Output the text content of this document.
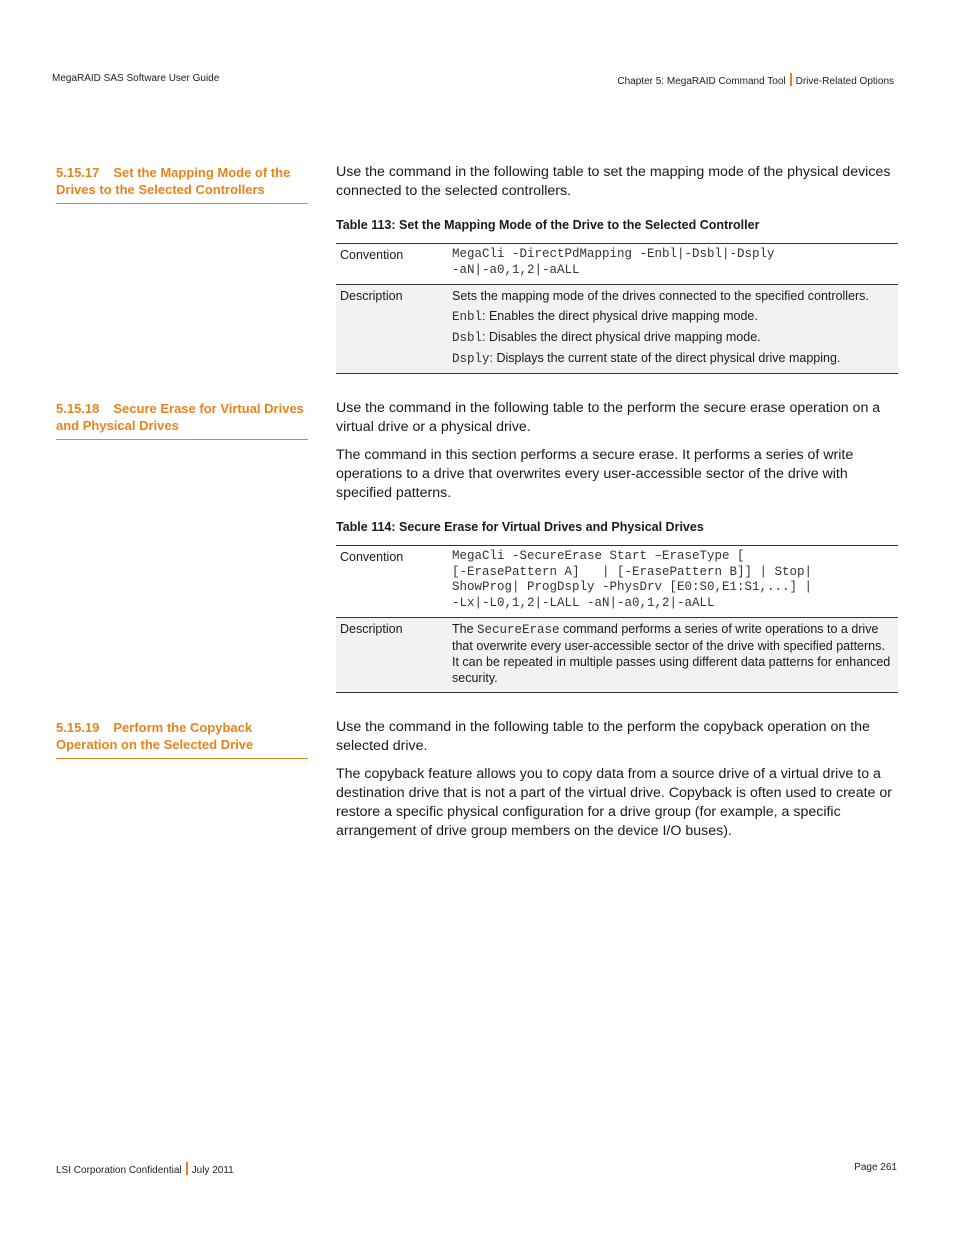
MegaRAID SAS Software User Guide	Chapter 5: MegaRAID Command Tool Drive-Related Options
5.15.17 Set the Mapping Mode of the Drives to the Selected Controllers

Use the command in the following table to set the mapping mode of the physical devices connected to the selected controllers.

Table 113: Set the Mapping Mode of the Drive to the Selected Controller
Convention	MegaCli -DirectPdMapping -Enbl|-Dsbl|-Dsply
-aN|-a0,1,2|-aALL
Description	Sets the mapping mode of the drives connected to the specified controllers.
Enbl: Enables the direct physical drive mapping mode.
Dsbl: Disables the direct physical drive mapping mode.
Dsply: Displays the current state of the direct physical drive mapping.
5.15.18 Secure Erase for Virtual Drives and Physical Drives

Use the command in the following table to the perform the secure erase operation on a virtual drive or a physical drive.

The command in this section performs a secure erase. It performs a series of write operations to a drive that overwrites every user-accessible sector of the drive with specified patterns.

Table 114: Secure Erase for Virtual Drives and Physical Drives
Convention	MegaCli -SecureErase Start –EraseType [
[-ErasePattern A]   | [-ErasePattern B]] | Stop|
ShowProg| ProgDsply -PhysDrv [E0:S0,E1:S1,...] |
-Lx|-L0,1,2|-LALL -aN|-a0,1,2|-aALL
Description	The SecureErase command performs a series of write operations to a drive that overwrite every user-accessible sector of the drive with specified patterns. It can be repeated in multiple passes using different data patterns for enhanced security.
5.15.19 Perform the Copyback Operation on the Selected Drive

Use the command in the following table to the perform the copyback operation on the selected drive.

The copyback feature allows you to copy data from a source drive of a virtual drive to a destination drive that is not a part of the virtual drive. Copyback is often used to create or restore a specific physical configuration for a drive group (for example, a specific arrangement of drive group members on the device I/O buses).

LSI Corporation Confidential July 2011	Page 261
